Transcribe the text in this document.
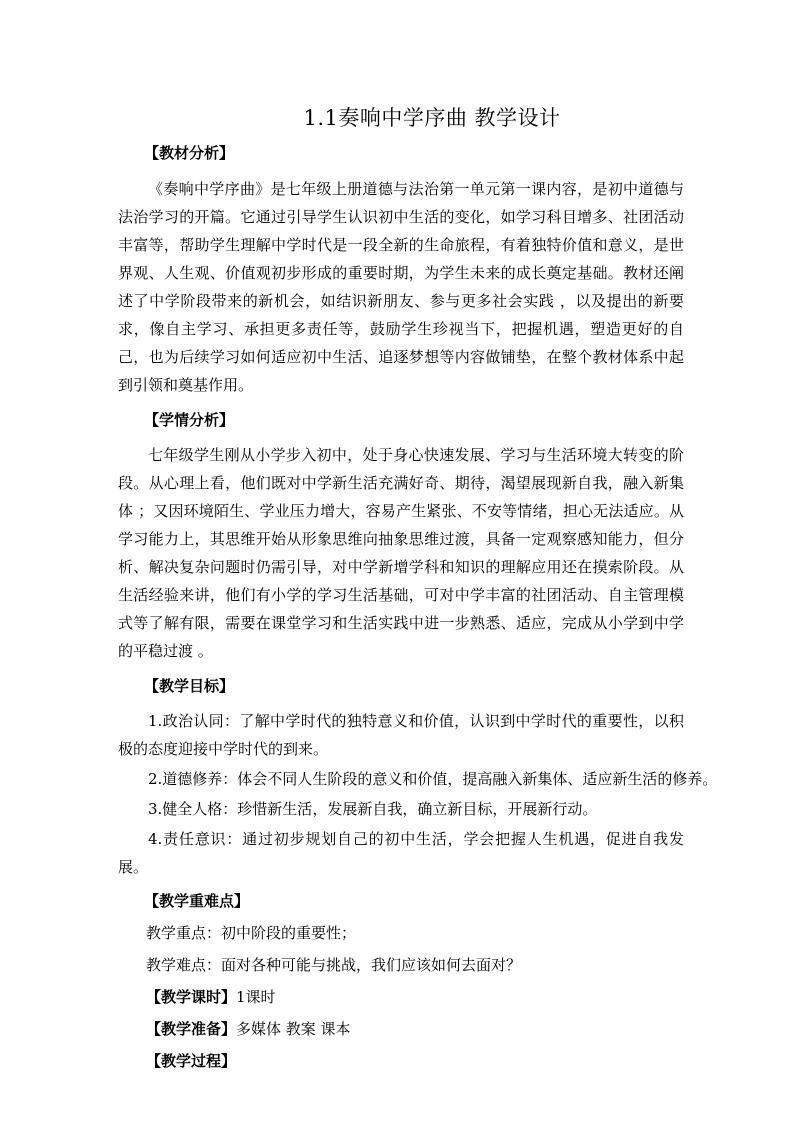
1.1奏响中学序曲 教学设计

【教材分析】

《奏响中学序曲》是七年级上册道德与法治第一单元第一课内容，是初中道德与法治学习的开篇。它通过引导学生认识初中生活的变化，如学习科目增多、社团活动丰富等，帮助学生理解中学时代是一段全新的生命旅程，有着独特价值和意义，是世界观、人生观、价值观初步形成的重要时期，为学生未来的成长奠定基础。教材还阐述了中学阶段带来的新机会，如结识新朋友、参与更多社会实践 ，以及提出的新要求，像自主学习、承担更多责任等，鼓励学生珍视当下，把握机遇，塑造更好的自己，也为后续学习如何适应初中生活、追逐梦想等内容做铺垫，在整个教材体系中起到引领和奠基作用。

【学情分析】

七年级学生刚从小学步入初中，处于身心快速发展、学习与生活环境大转变的阶段。从心理上看，他们既对中学新生活充满好奇、期待，渴望展现新自我，融入新集体 ；又因环境陌生、学业压力增大，容易产生紧张、不安等情绪，担心无法适应。从学习能力上，其思维开始从形象思维向抽象思维过渡，具备一定观察感知能力，但分析、解决复杂问题时仍需引导，对中学新增学科和知识的理解应用还在摸索阶段。从生活经验来讲，他们有小学的学习生活基础，可对中学丰富的社团活动、自主管理模式等了解有限，需要在课堂学习和生活实践中进一步熟悉、适应，完成从小学到中学的平稳过渡 。

【教学目标】

1.政治认同：了解中学时代的独特意义和价值，认识到中学时代的重要性，以积极的态度迎接中学时代的到来。

2.道德修养：体会不同人生阶段的意义和价值，提高融入新集体、适应新生活的修养。

3.健全人格：珍惜新生活，发展新自我，确立新目标，开展新行动。

4.责任意识：通过初步规划自己的初中生活，学会把握人生机遇，促进自我发展。

【教学重难点】

教学重点：初中阶段的重要性；

教学难点：面对各种可能与挑战，我们应该如何去面对？

【教学课时】1课时

【教学准备】多媒体 教案 课本

【教学过程】
